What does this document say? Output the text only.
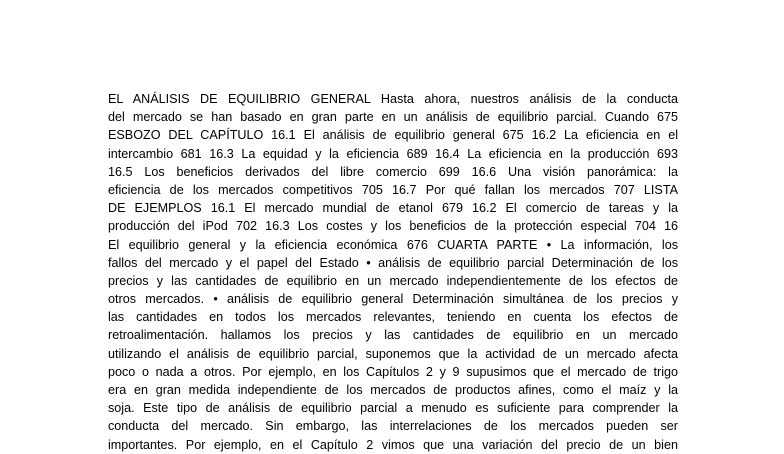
EL ANÁLISIS DE EQUILIBRIO GENERAL Hasta ahora, nuestros análisis de la conducta
del mercado se han basado en gran parte en un análisis de equilibrio parcial. Cuando 675
ESBOZO DEL CAPÍTULO 16.1 El análisis de equilibrio general 675 16.2 La eficiencia en el
intercambio 681 16.3 La equidad y la eficiencia 689 16.4 La eficiencia en la producción 693
16.5 Los beneficios derivados del libre comercio 699 16.6 Una visión panorámica: la
eficiencia de los mercados competitivos 705 16.7 Por qué fallan los mercados 707 LISTA
DE EJEMPLOS 16.1 El mercado mundial de etanol 679 16.2 El comercio de tareas y la
producción del iPod 702 16.3 Los costes y los beneficios de la protección especial 704 16
El equilibrio general y la eficiencia económica 676 CUARTA PARTE • La información, los
fallos del mercado y el papel del Estado • análisis de equilibrio parcial Determinación de los
precios y las cantidades de equilibrio en un mercado independientemente de los efectos de
otros mercados. • análisis de equilibrio general Determinación simultánea de los precios y
las cantidades en todos los mercados relevantes, teniendo en cuenta los efectos de
retroalimentación. hallamos los precios y las cantidades de equilibrio en un mercado
utilizando el análisis de equilibrio parcial, suponemos que la actividad de un mercado afecta
poco o nada a otros. Por ejemplo, en los Capítulos 2 y 9 supusimos que el mercado de trigo
era en gran medida independiente de los mercados de productos afines, como el maíz y la
soja. Este tipo de análisis de equilibrio parcial a menudo es suficiente para comprender la
conducta del mercado. Sin embargo, las interrelaciones de los mercados pueden ser
importantes. Por ejemplo, en el Capítulo 2 vimos que una variación del precio de un bien
